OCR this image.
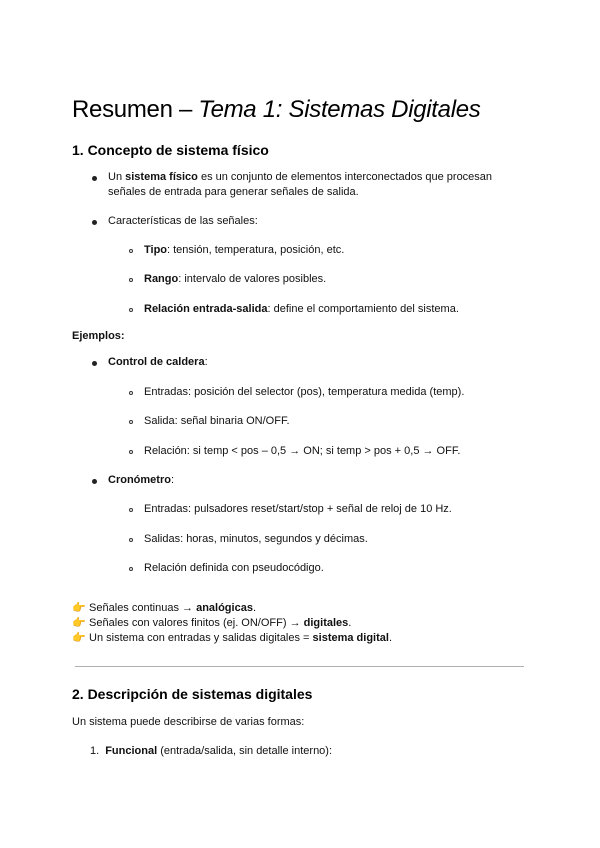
Resumen – Tema 1: Sistemas Digitales
1. Concepto de sistema físico
Un sistema físico es un conjunto de elementos interconectados que procesan
señales de entrada para generar señales de salida.
Características de las señales:
Tipo: tensión, temperatura, posición, etc.
Rango: intervalo de valores posibles.
Relación entrada-salida: define el comportamiento del sistema.
Ejemplos:
Control de caldera:
Entradas: posición del selector (pos), temperatura medida (temp).
Salida: señal binaria ON/OFF.
Relación: si temp < pos – 0,5 → ON; si temp > pos + 0,5 → OFF.
Cronómetro:
Entradas: pulsadores reset/start/stop + señal de reloj de 10 Hz.
Salidas: horas, minutos, segundos y décimas.
Relación definida con pseudocódigo.
👉 Señales continuas → analógicas.
👉 Señales con valores finitos (ej. ON/OFF) → digitales.
👉 Un sistema con entradas y salidas digitales = sistema digital.
2. Descripción de sistemas digitales
Un sistema puede describirse de varias formas:
1. Funcional (entrada/salida, sin detalle interno):
